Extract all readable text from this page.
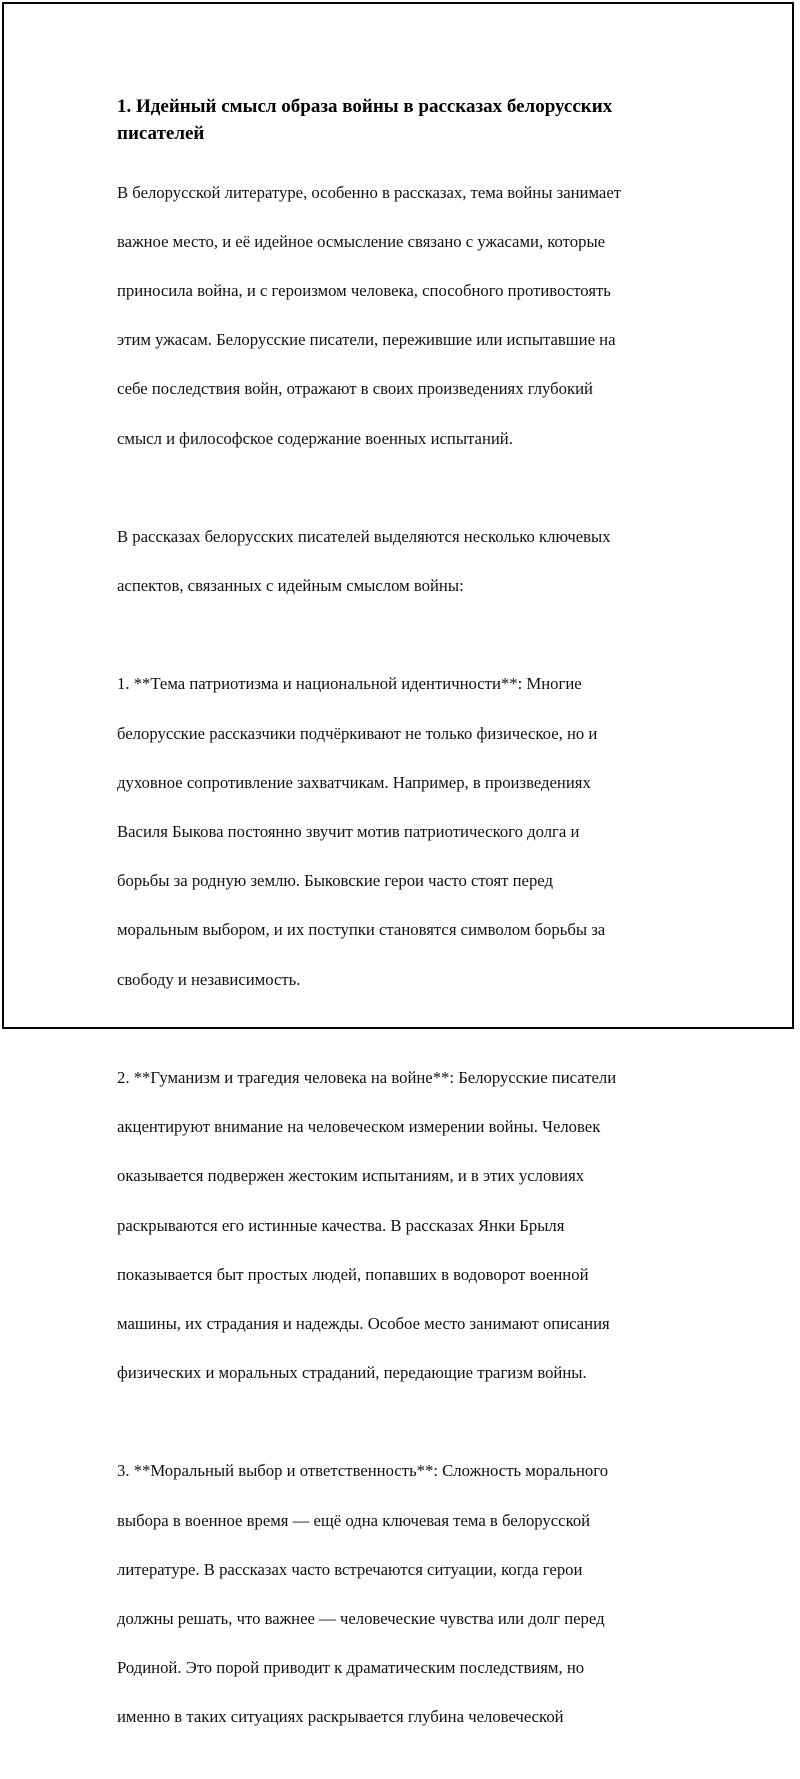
1. Идейный смысл образа войны в рассказах белорусских
писателей

В белорусской литературе, особенно в рассказах, тема войны занимает

важное место, и её идейное осмысление связано с ужасами, которые

приносила война, и с героизмом человека, способного противостоять

этим ужасам. Белорусские писатели, пережившие или испытавшие на

себе последствия войн, отражают в своих произведениях глубокий

смысл и философское содержание военных испытаний.

В рассказах белорусских писателей выделяются несколько ключевых

аспектов, связанных с идейным смыслом войны:

1. **Тема патриотизма и национальной идентичности**: Многие

белорусские рассказчики подчёркивают не только физическое, но и

духовное сопротивление захватчикам. Например, в произведениях

Василя Быкова постоянно звучит мотив патриотического долга и

борьбы за родную землю. Быковские герои часто стоят перед

моральным выбором, и их поступки становятся символом борьбы за

свободу и независимость.

2. **Гуманизм и трагедия человека на войне**: Белорусские писатели

акцентируют внимание на человеческом измерении войны. Человек

оказывается подвержен жестоким испытаниям, и в этих условиях

раскрываются его истинные качества. В рассказах Янки Брыля

показывается быт простых людей, попавших в водоворот военной

машины, их страдания и надежды. Особое место занимают описания

физических и моральных страданий, передающие трагизм войны.

3. **Моральный выбор и ответственность**: Сложность морального

выбора в военное время — ещё одна ключевая тема в белорусской

литературе. В рассказах часто встречаются ситуации, когда герои

должны решать, что важнее — человеческие чувства или долг перед

Родиной. Это порой приводит к драматическим последствиям, но

именно в таких ситуациях раскрывается глубина человеческой
